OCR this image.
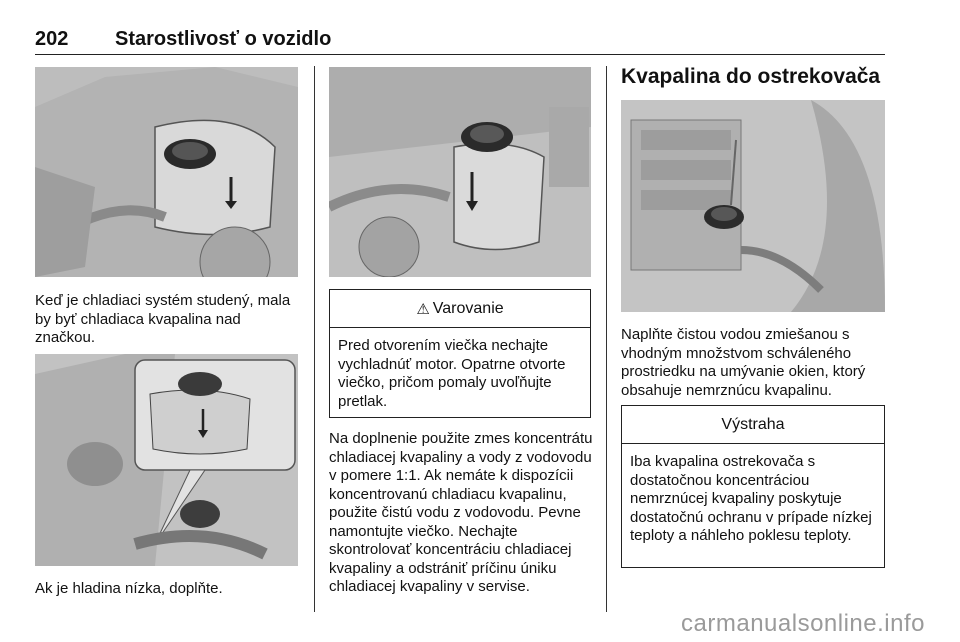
202 Starostlivosť o vozidlo

Keď je chladiaci systém studený, mala by byť chladiaca kvapalina nad značkou.

Ak je hladina nízka, doplňte.

⚠ Varovanie
Pred otvorením viečka nechajte vychladnúť motor. Opatrne otvorte viečko, pričom pomaly uvoľňujte pretlak.

Na doplnenie použite zmes koncentrátu chladiacej kvapaliny a vody z vodovodu v pomere 1:1. Ak nemáte k dispozícii koncentrovanú chladiacu kvapalinu, použite čistú vodu z vodovodu. Pevne namontujte viečko. Nechajte skontrolovať koncentráciu chladiacej kvapaliny a odstrániť príčinu úniku chladiacej kvapaliny v servise.

Kvapalina do ostrekovača

Naplňte čistou vodou zmiešanou s vhodným množstvom schváleného prostriedku na umývanie okien, ktorý obsahuje nemrznúcu kvapalinu.

Výstraha
Iba kvapalina ostrekovača s dostatočnou koncentráciou nemrznúcej kvapaliny poskytuje dostatočnú ochranu v prípade nízkej teploty a náhleho poklesu teploty.
carmanualsonline.info
